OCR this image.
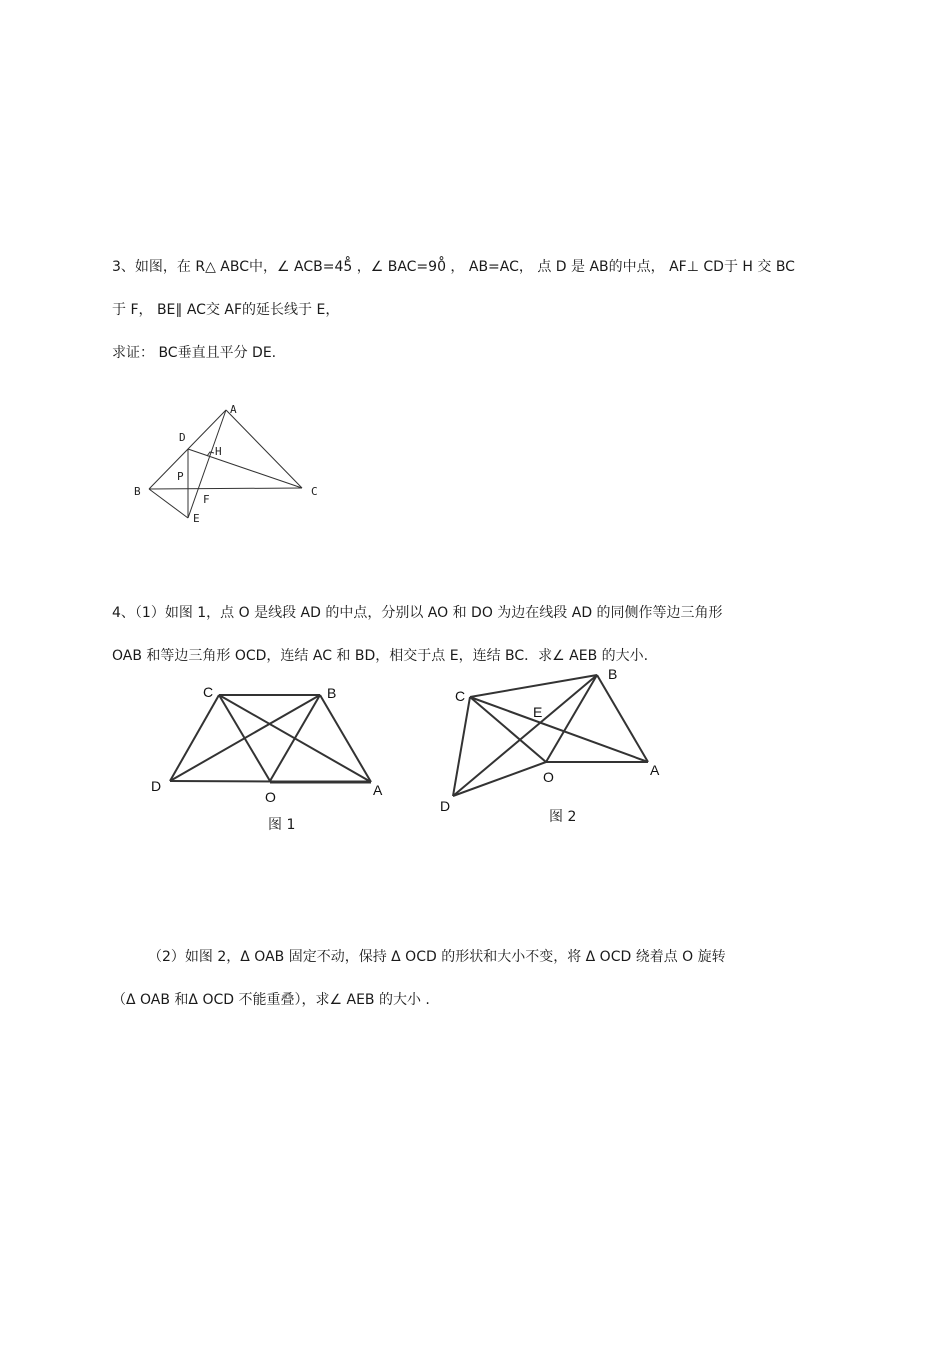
3、如图，在 R△ ABC中，∠ ACB=45̊ ，∠ BAC=90̊ ， AB=AC， 点 D 是 AB的中点， AF⊥ CD于 H 交 BC
于 F， BE∥ AC交 AF的延长线于 E，
求证： BC垂直且平分 DE.
A
D
H
P
B	C
F
E
4、（1）如图 1，点 O 是线段 AD 的中点，分别以 AO 和 DO 为边在线段 AD 的同侧作等边三角形
OAB 和等边三角形 OCD，连结 AC 和 BD，相交于点 E，连结 BC．求∠ AEB 的大小.
C	B
D
O	A
图 1
C
B
E
O	A
D
图 2
（2）如图 2，Δ OAB 固定不动，保持 Δ OCD 的形状和大小不变，将 Δ OCD 绕着点 O 旋转
（Δ OAB 和Δ OCD 不能重叠），求∠ AEB 的大小 .
